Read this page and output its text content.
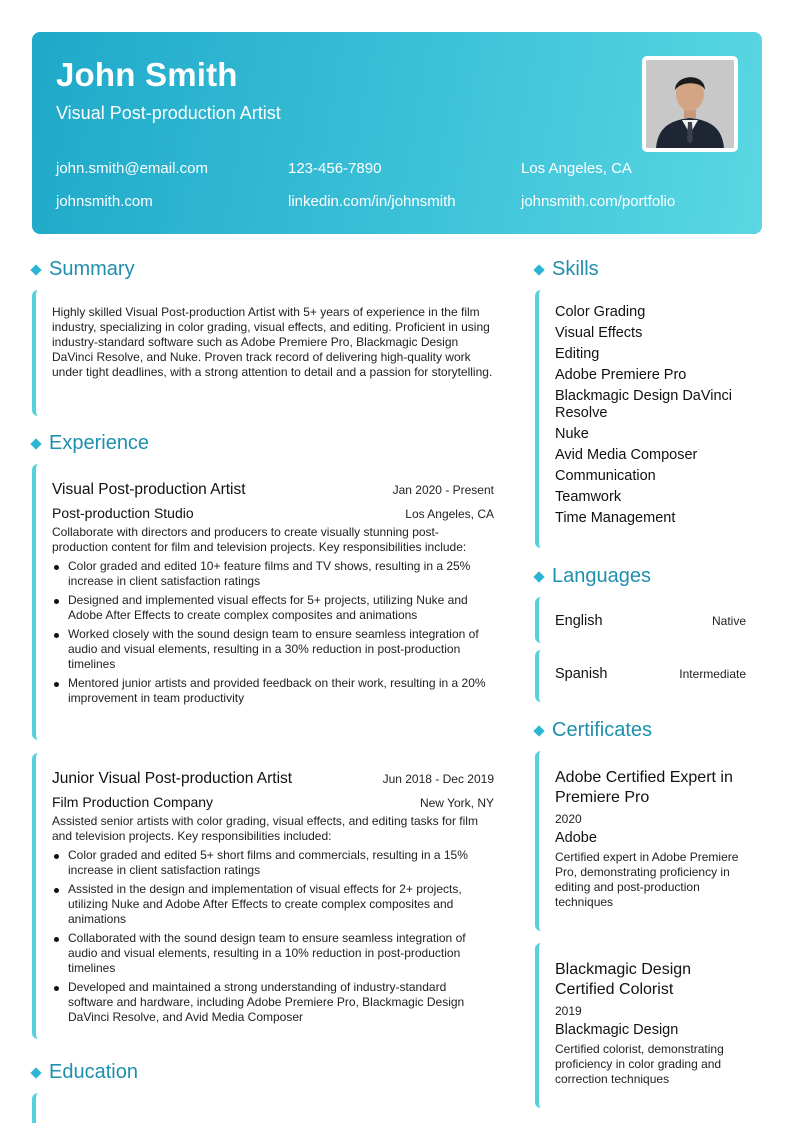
John Smith
Visual Post-production Artist
john.smith@email.com	123-456-7890	Los Angeles, CA
johnsmith.com	linkedin.com/in/johnsmith	johnsmith.com/portfolio
Summary
Highly skilled Visual Post-production Artist with 5+ years of experience in the film industry, specializing in color grading, visual effects, and editing. Proficient in using industry-standard software such as Adobe Premiere Pro, Blackmagic Design DaVinci Resolve, and Nuke. Proven track record of delivering high-quality work under tight deadlines, with a strong attention to detail and a passion for storytelling.
Experience
Visual Post-production Artist	Jan 2020 - Present
Post-production Studio	Los Angeles, CA
Collaborate with directors and producers to create visually stunning post-production content for film and television projects. Key responsibilities include:
Color graded and edited 10+ feature films and TV shows, resulting in a 25% increase in client satisfaction ratings
Designed and implemented visual effects for 5+ projects, utilizing Nuke and Adobe After Effects to create complex composites and animations
Worked closely with the sound design team to ensure seamless integration of audio and visual elements, resulting in a 30% reduction in post-production timelines
Mentored junior artists and provided feedback on their work, resulting in a 20% improvement in team productivity
Junior Visual Post-production Artist	Jun 2018 - Dec 2019
Film Production Company	New York, NY
Assisted senior artists with color grading, visual effects, and editing tasks for film and television projects. Key responsibilities included:
Color graded and edited 5+ short films and commercials, resulting in a 15% increase in client satisfaction ratings
Assisted in the design and implementation of visual effects for 2+ projects, utilizing Nuke and Adobe After Effects to create complex composites and animations
Collaborated with the sound design team to ensure seamless integration of audio and visual elements, resulting in a 10% reduction in post-production timelines
Developed and maintained a strong understanding of industry-standard software and hardware, including Adobe Premiere Pro, Blackmagic Design DaVinci Resolve, and Avid Media Composer
Education
Skills
Color Grading
Visual Effects
Editing
Adobe Premiere Pro
Blackmagic Design DaVinci Resolve
Nuke
Avid Media Composer
Communication
Teamwork
Time Management
Languages
English	Native
Spanish	Intermediate
Certificates
Adobe Certified Expert in Premiere Pro
2020
Adobe
Certified expert in Adobe Premiere Pro, demonstrating proficiency in editing and post-production techniques
Blackmagic Design Certified Colorist
2019
Blackmagic Design
Certified colorist, demonstrating proficiency in color grading and correction techniques
